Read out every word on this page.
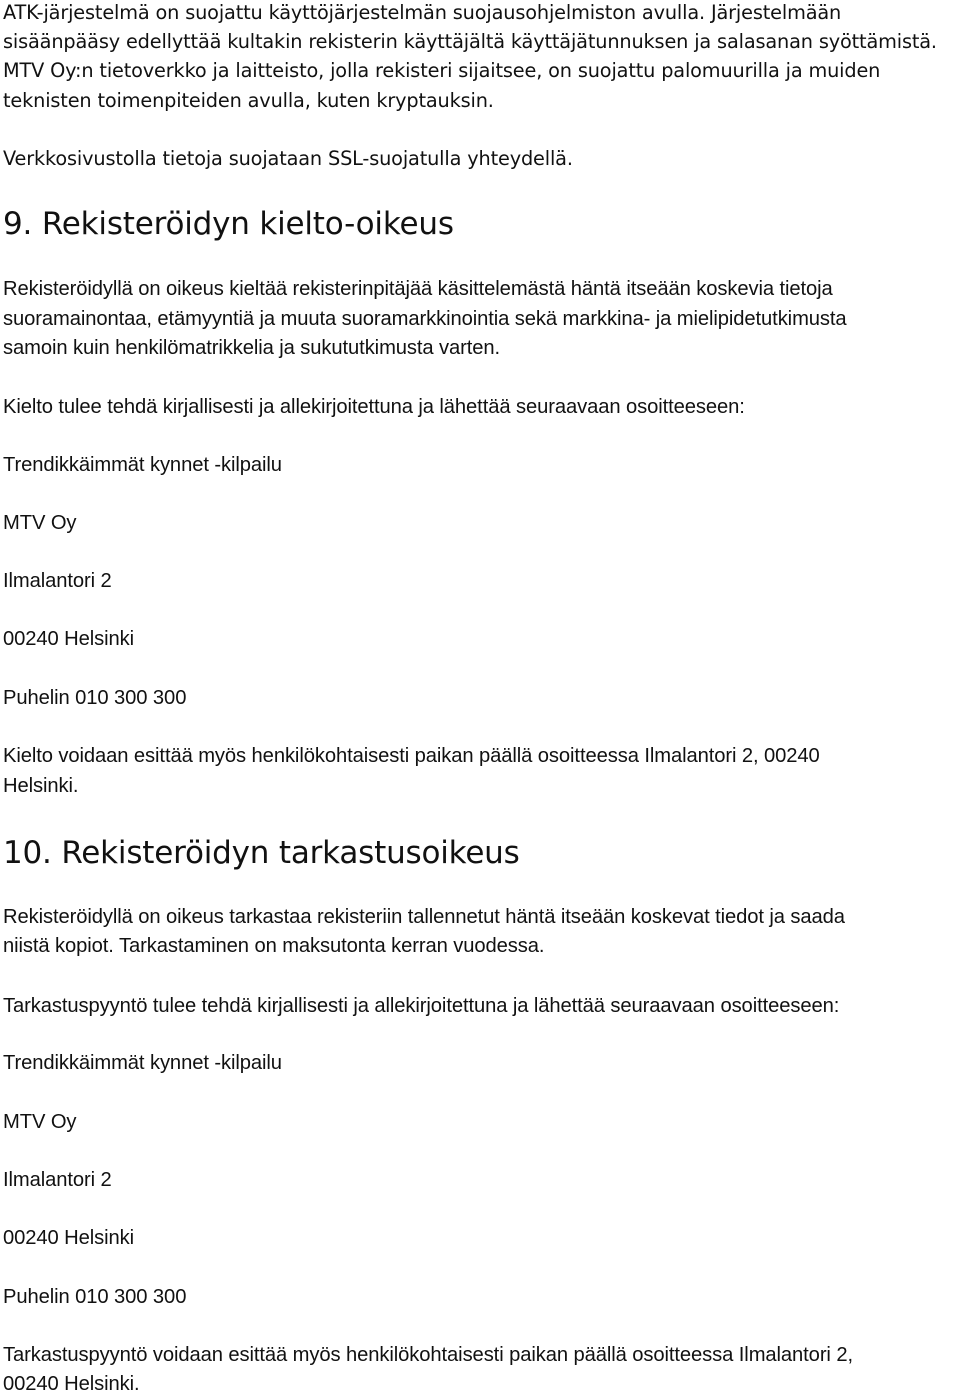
ATK-järjestelmä on suojattu käyttöjärjestelmän suojausohjelmiston avulla. Järjestelmään

sisäänpääsy edellyttää kultakin rekisterin käyttäjältä käyttäjätunnuksen ja salasanan syöttämistä.

MTV Oy:n tietoverkko ja laitteisto, jolla rekisteri sijaitsee, on suojattu palomuurilla ja muiden

teknisten toimenpiteiden avulla, kuten kryptauksin.

Verkkosivustolla tietoja suojataan SSL-suojatulla yhteydellä.

9. Rekisteröidyn kielto-oikeus

Rekisteröidyllä on oikeus kieltää rekisterinpitäjää käsittelemästä häntä itseään koskevia tietoja

suoramainontaa, etämyyntiä ja muuta suoramarkkinointia sekä markkina- ja mielipidetutkimusta

samoin kuin henkilömatrikkelia ja sukututkimusta varten.

Kielto tulee tehdä kirjallisesti ja allekirjoitettuna ja lähettää seuraavaan osoitteeseen:

Trendikkäimmät kynnet -kilpailu

MTV Oy

Ilmalantori 2

00240 Helsinki

Puhelin 010 300 300

Kielto voidaan esittää myös henkilökohtaisesti paikan päällä osoitteessa Ilmalantori 2, 00240

Helsinki.

10. Rekisteröidyn tarkastusoikeus

Rekisteröidyllä on oikeus tarkastaa rekisteriin tallennetut häntä itseään koskevat tiedot ja saada

niistä kopiot. Tarkastaminen on maksutonta kerran vuodessa.

Tarkastuspyyntö tulee tehdä kirjallisesti ja allekirjoitettuna ja lähettää seuraavaan osoitteeseen:

Trendikkäimmät kynnet -kilpailu

MTV Oy

Ilmalantori 2

00240 Helsinki

Puhelin 010 300 300

Tarkastuspyyntö voidaan esittää myös henkilökohtaisesti paikan päällä osoitteessa Ilmalantori 2,

00240 Helsinki.
